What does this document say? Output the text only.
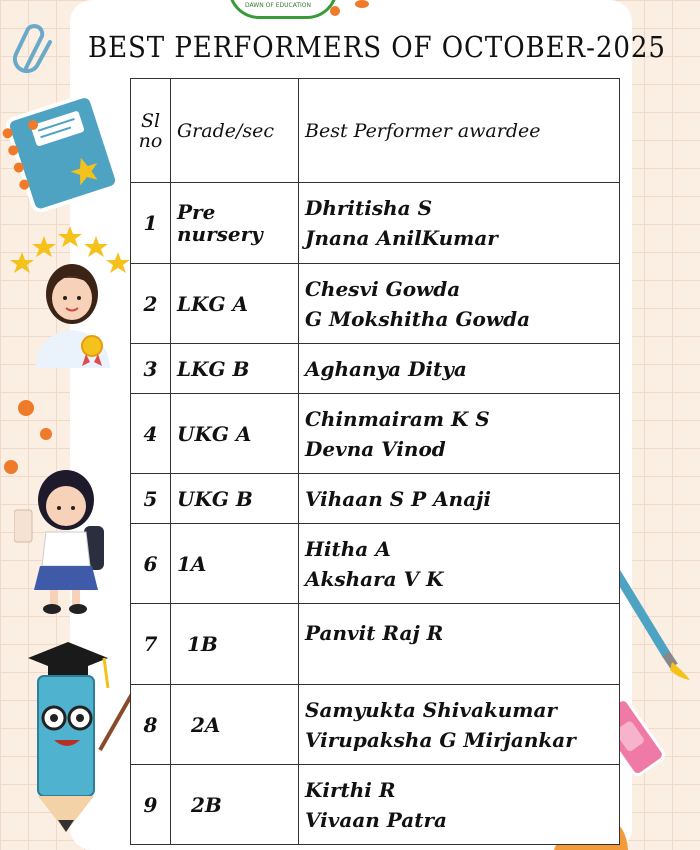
DAWN OF EDUCATION
BEST PERFORMERS OF OCTOBER-2025
Sl no	Grade/sec	Best Performer awardee
1	Pre nursery	Dhritisha S
Jnana AnilKumar

2	LKG A	Chesvi Gowda
G Mokshitha Gowda

3	LKG B	Aghanya Ditya

4	UKG A	Chinmairam K S
Devna Vinod

5	UKG B	Vihaan S P Anaji

6	1A	Hitha A
Akshara V K

7	1B	Panvit Raj R

8	2A	Samyukta Shivakumar
Virupaksha G Mirjankar

9	2B	Kirthi R
Vivaan Patra
